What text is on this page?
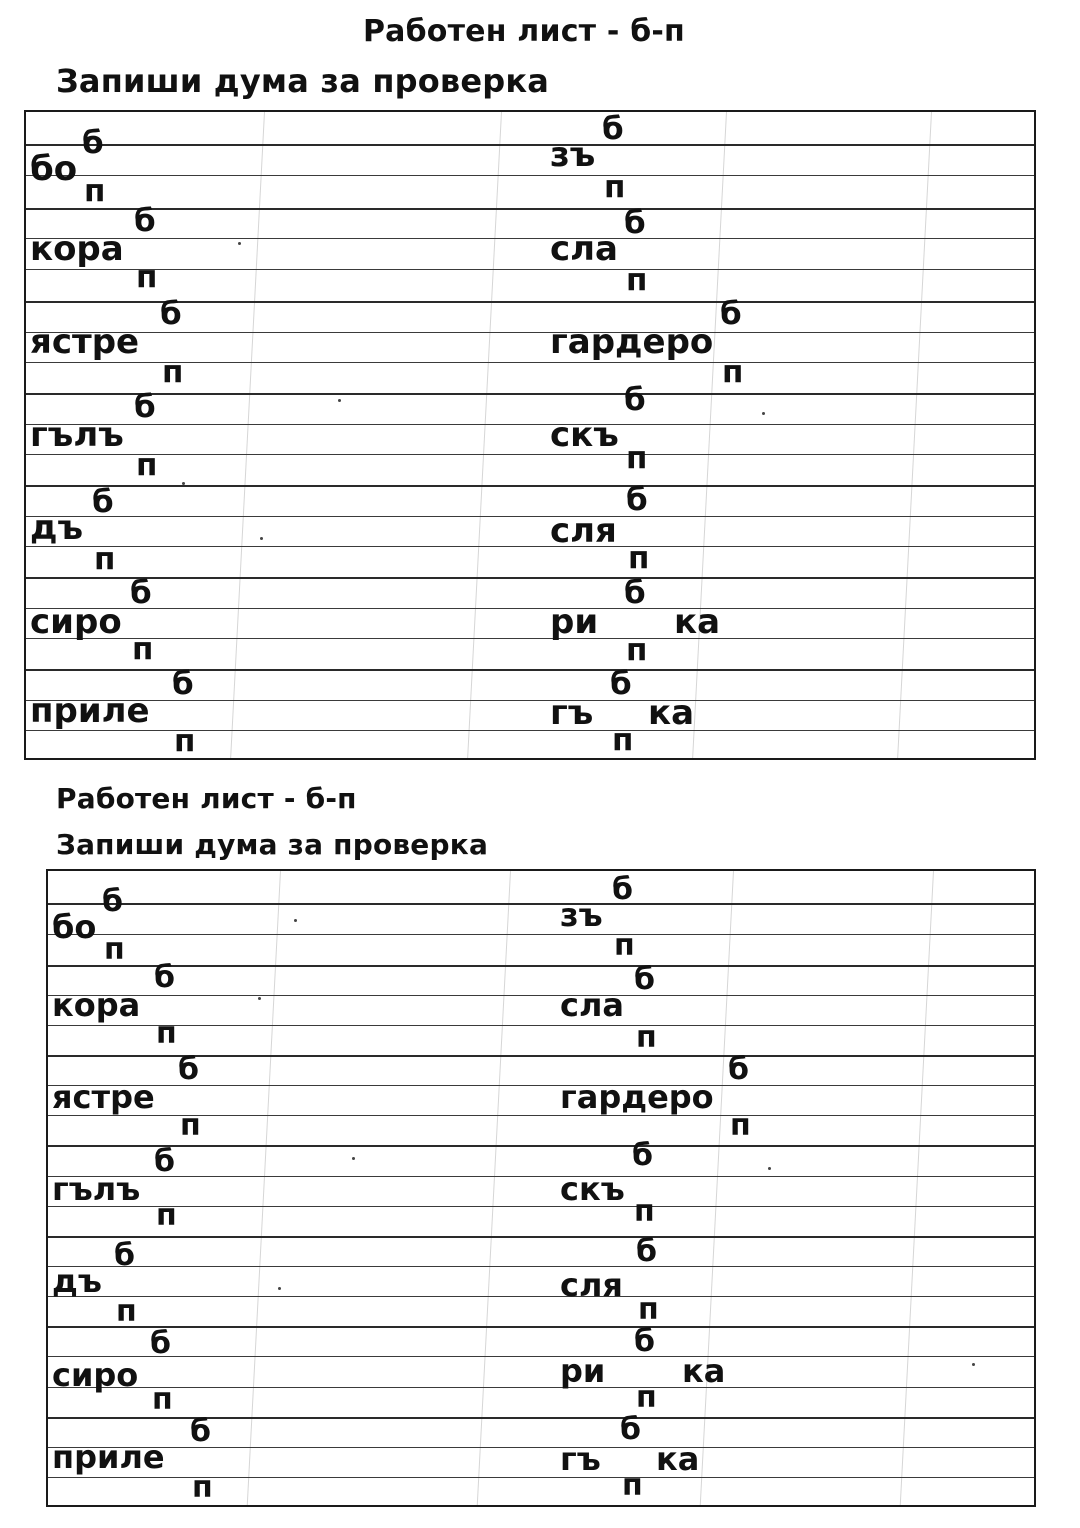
Работен лист - б-п
Запиши дума за проверка
бо
б
п
кора
б
п
ястре
б
п
гълъ
б
п
дъ
б
п
сиро
б
п
приле
б
п
зъ
б
п
сла
б
п
гардеро
б
п
скъ
б
п
сля
б
п
ри
б
п
ка
гъ
б
п
ка
Работен лист - б-п
Запиши дума за проверка
бо
б
п
кора
б
п
ястре
б
п
гълъ
б
п
дъ
б
п
сиро
б
п
приле
б
п
зъ
б
п
сла
б
п
гардеро
б
п
скъ
б
п
сля
б
п
ри
б
п
ка
гъ
б
п
ка
